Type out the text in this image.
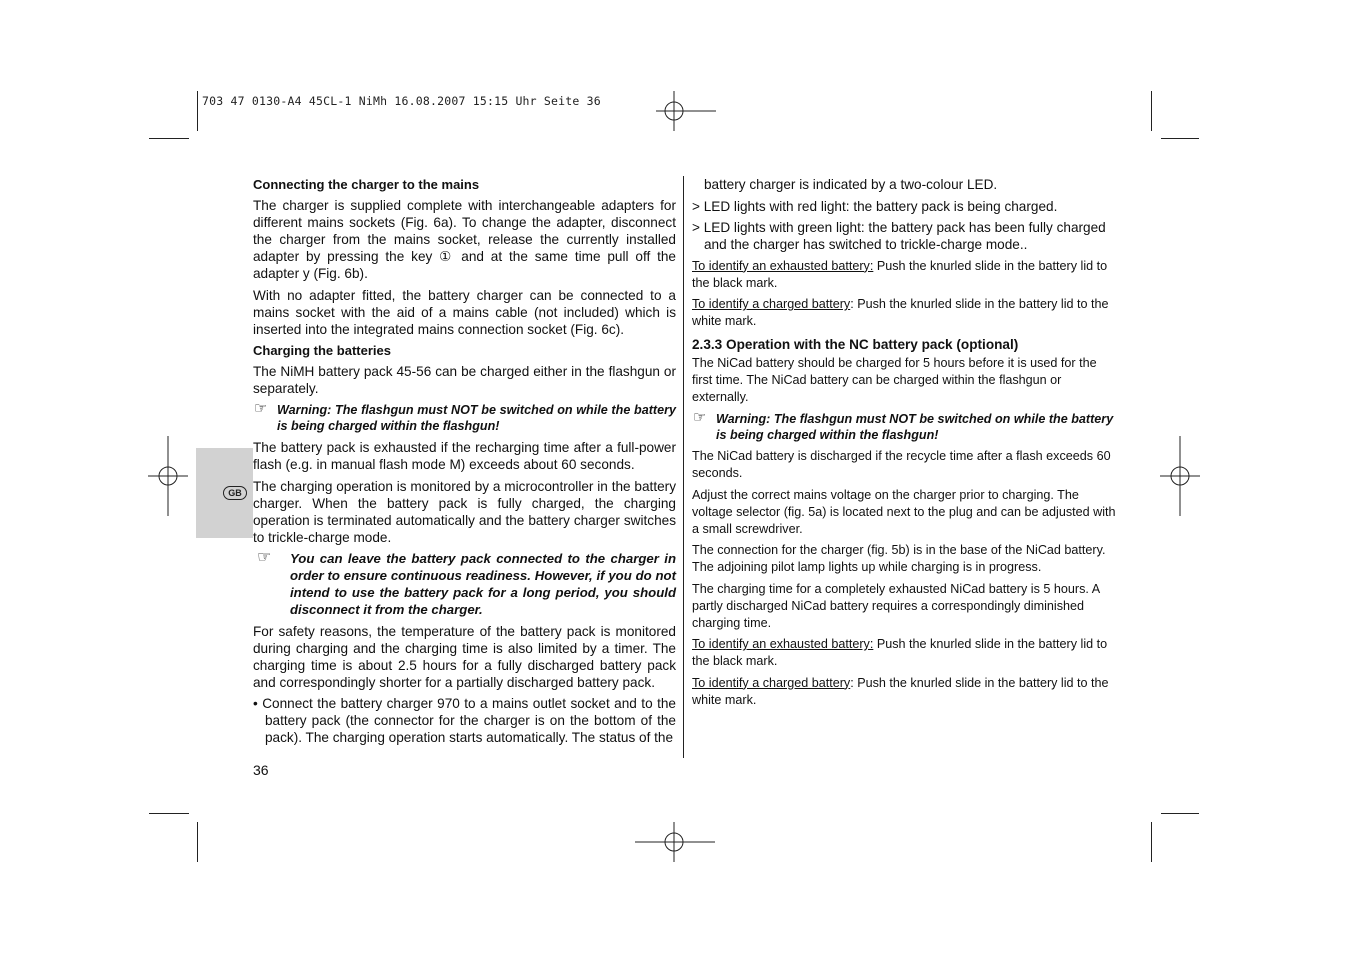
703 47 0130-A4 45CL-1 NiMh 16.08.2007 15:15 Uhr Seite 36
GB

Connecting the charger to the mains

The charger is supplied complete with interchangeable adapters for different mains sockets (Fig. 6a). To change the adapter, disconnect the charger from the mains socket, release the currently installed adapter by pressing the key ① and at the same time pull off the adapter y (Fig. 6b).

With no adapter fitted, the battery charger can be connected to a mains socket with the aid of a mains cable (not included) which is inserted into the integrated mains connection socket (Fig. 6c).

Charging the batteries

The NiMH battery pack 45-56 can be charged either in the flashgun or separately.

☞ Warning: The flashgun must NOT be switched on while the battery is being charged within the flashgun!

The battery pack is exhausted if the recharging time after a full-power flash (e.g. in manual flash mode M) exceeds about 60 seconds.

The charging operation is monitored by a microcontroller in the battery charger. When the battery pack is fully charged, the charging operation is terminated automatically and the battery charger switches to trickle-charge mode.

☞ You can leave the battery pack connected to the charger in order to ensure continuous readiness. However, if you do not intend to use the battery pack for a long period, you should disconnect it from the charger.

For safety reasons, the temperature of the battery pack is monitored during charging and the charging time is also limited by a timer. The charging time is about 2.5 hours for a fully discharged battery pack and correspondingly shorter for a partially discharged battery pack.

• Connect the battery charger 970 to a mains outlet socket and to the battery pack (the connector for the charger is on the bottom of the pack). The charging operation starts automatically. The status of the

battery charger is indicated by a two-colour LED.

> LED lights with red light: the battery pack is being charged.

> LED lights with green light: the battery pack has been fully charged and the charger has switched to trickle-charge mode..

To identify an exhausted battery: Push the knurled slide in the battery lid to the black mark.

To identify a charged battery: Push the knurled slide in the battery lid to the white mark.

2.3.3 Operation with the NC battery pack (optional)

The NiCad battery should be charged for 5 hours before it is used for the first time. The NiCad battery can be charged within the flashgun or externally.

☞ Warning: The flashgun must NOT be switched on while the battery is being charged within the flashgun!

The NiCad battery is discharged if the recycle time after a flash exceeds 60 seconds.

Adjust the correct mains voltage on the charger prior to charging. The voltage selector (fig. 5a) is located next to the plug and can be adjusted with a small screwdriver.

The connection for the charger (fig. 5b) is in the base of the NiCad battery. The adjoining pilot lamp lights up while charging is in progress.

The charging time for a completely exhausted NiCad battery is 5 hours. A partly discharged NiCad battery requires a correspondingly diminished charging time.

To identify an exhausted battery: Push the knurled slide in the battery lid to the black mark.

To identify a charged battery: Push the knurled slide in the battery lid to the white mark.

36
